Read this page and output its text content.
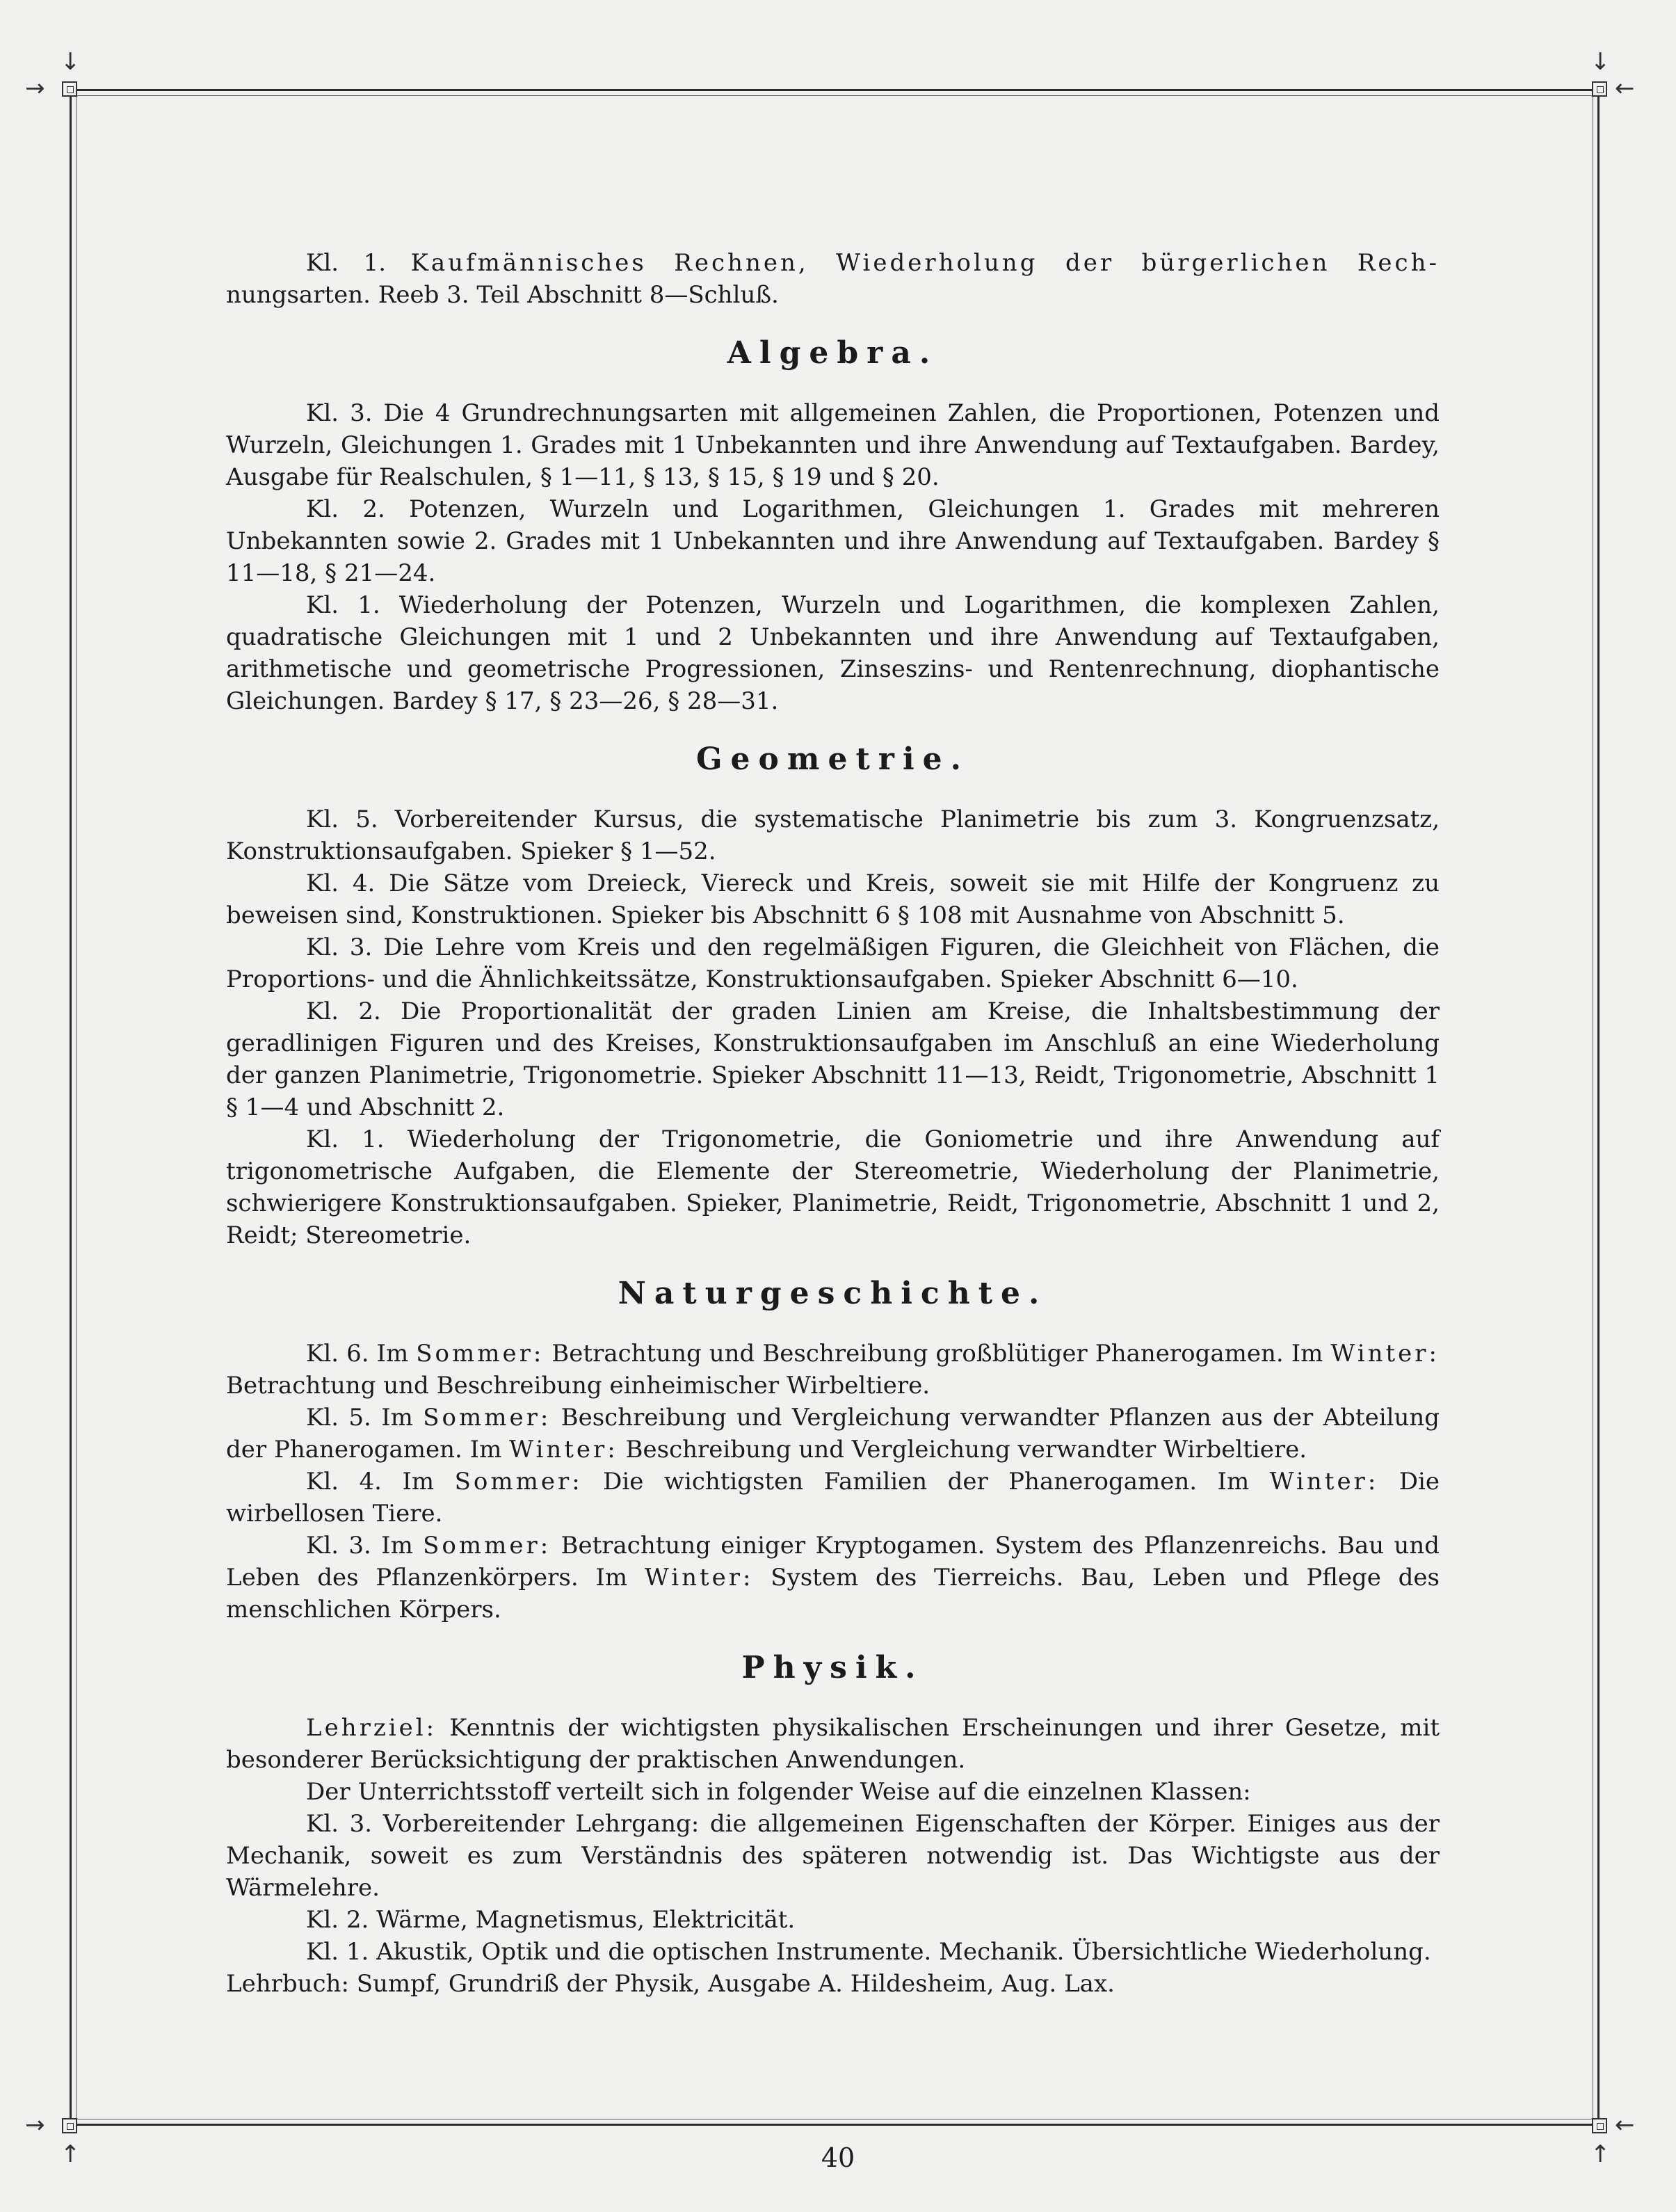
↓
→
↓
←
↑
→
↑
←

Kl. 1. Kaufmännisches Rechnen, Wiederholung der bürgerlichen Rech- nungsarten. Reeb 3. Teil Abschnitt 8—Schluß.

Algebra.

Kl. 3. Die 4 Grundrechnungsarten mit allgemeinen Zahlen, die Proportionen, Potenzen und Wurzeln, Gleichungen 1. Grades mit 1 Unbekannten und ihre Anwendung auf Textaufgaben. Bardey, Ausgabe für Realschulen, § 1—11, § 13, § 15, § 19 und § 20.

Kl. 2. Potenzen, Wurzeln und Logarithmen, Gleichungen 1. Grades mit mehreren Unbekannten sowie 2. Grades mit 1 Unbekannten und ihre Anwendung auf Textaufgaben. Bardey § 11—18, § 21—24.

Kl. 1. Wiederholung der Potenzen, Wurzeln und Logarithmen, die komplexen Zahlen, quadratische Gleichungen mit 1 und 2 Unbekannten und ihre Anwendung auf Textaufgaben, arithmetische und geometrische Progressionen, Zinseszins- und Rentenrechnung, diophantische Gleichungen. Bardey § 17, § 23—26, § 28—31.

Geometrie.

Kl. 5. Vorbereitender Kursus, die systematische Planimetrie bis zum 3. Kongruenzsatz, Konstruktionsaufgaben. Spieker § 1—52.

Kl. 4. Die Sätze vom Dreieck, Viereck und Kreis, soweit sie mit Hilfe der Kongruenz zu beweisen sind, Konstruktionen. Spieker bis Abschnitt 6 § 108 mit Ausnahme von Abschnitt 5.

Kl. 3. Die Lehre vom Kreis und den regelmäßigen Figuren, die Gleichheit von Flächen, die Proportions- und die Ähnlichkeitssätze, Konstruktionsaufgaben. Spieker Abschnitt 6—10.

Kl. 2. Die Proportionalität der graden Linien am Kreise, die Inhaltsbestimmung der geradlinigen Figuren und des Kreises, Konstruktionsaufgaben im Anschluß an eine Wiederholung der ganzen Planimetrie, Trigonometrie. Spieker Abschnitt 11—13, Reidt, Trigonometrie, Abschnitt 1 § 1—4 und Abschnitt 2.

Kl. 1. Wiederholung der Trigonometrie, die Goniometrie und ihre Anwendung auf trigonometrische Aufgaben, die Elemente der Stereometrie, Wiederholung der Planimetrie, schwierigere Konstruktionsaufgaben. Spieker, Planimetrie, Reidt, Trigonometrie, Abschnitt 1 und 2, Reidt; Stereometrie.

Naturgeschichte.

Kl. 6. Im Sommer: Betrachtung und Beschreibung großblütiger Phanerogamen. Im Winter: Betrachtung und Beschreibung einheimischer Wirbeltiere.

Kl. 5. Im Sommer: Beschreibung und Vergleichung verwandter Pflanzen aus der Abteilung der Phanerogamen. Im Winter: Beschreibung und Vergleichung verwandter Wirbeltiere.

Kl. 4. Im Sommer: Die wichtigsten Familien der Phanerogamen. Im Winter: Die wirbellosen Tiere.

Kl. 3. Im Sommer: Betrachtung einiger Kryptogamen. System des Pflanzenreichs. Bau und Leben des Pflanzenkörpers. Im Winter: System des Tierreichs. Bau, Leben und Pflege des menschlichen Körpers.

Physik.

Lehrziel: Kenntnis der wichtigsten physikalischen Erscheinungen und ihrer Gesetze, mit besonderer Berücksichtigung der praktischen Anwendungen.

Der Unterrichtsstoff verteilt sich in folgender Weise auf die einzelnen Klassen:

Kl. 3. Vorbereitender Lehrgang: die allgemeinen Eigenschaften der Körper. Einiges aus der Mechanik, soweit es zum Verständnis des späteren notwendig ist. Das Wichtigste aus der Wärmelehre.

Kl. 2. Wärme, Magnetismus, Elektricität.

Kl. 1. Akustik, Optik und die optischen Instrumente. Mechanik. Übersichtliche Wiederholung.

Lehrbuch: Sumpf, Grundriß der Physik, Ausgabe A. Hildesheim, Aug. Lax.

40
